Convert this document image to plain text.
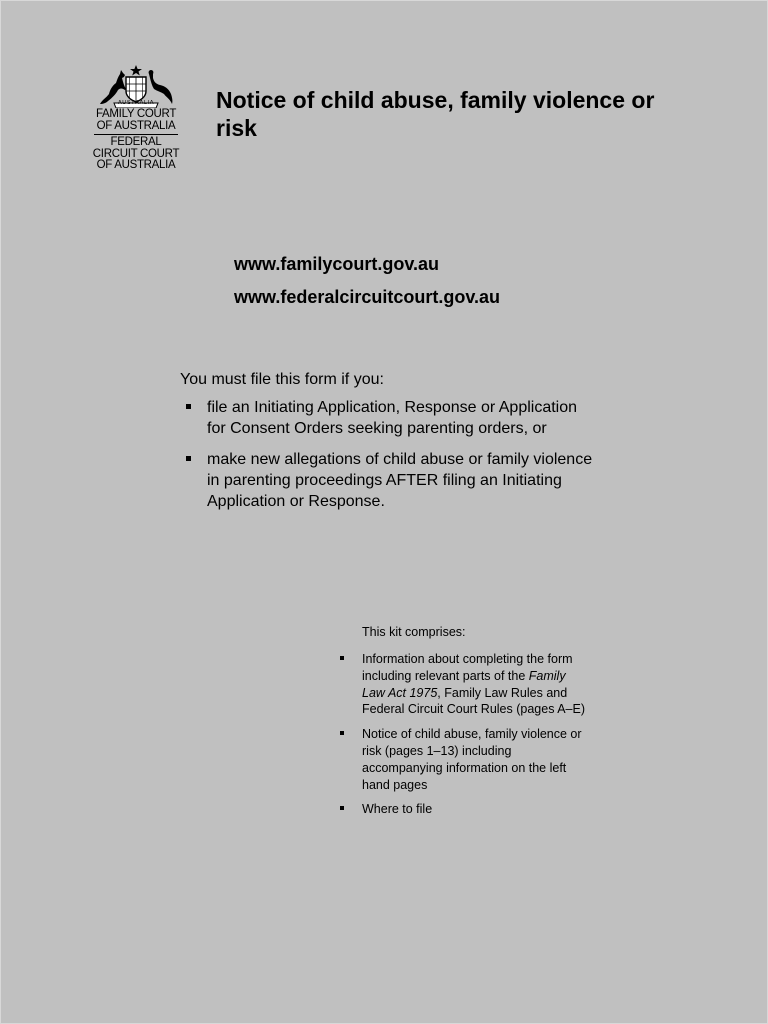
AUSTRALIA
FAMILY COURT
OF AUSTRALIA
FEDERAL
CIRCUIT COURT
OF AUSTRALIA
Notice of child abuse, family violence or risk
www.familycourt.gov.au
www.federalcircuitcourt.gov.au

You must file this form if you:

file an Initiating Application, Response or Application for Consent Orders seeking parenting orders, or
make new allegations of child abuse or family violence in parenting proceedings AFTER filing an Initiating Application or Response.

This kit comprises:

Information about completing the form including relevant parts of the Family Law Act 1975, Family Law Rules and Federal Circuit Court Rules (pages A–E)
Notice of child abuse, family violence or risk (pages 1–13) including accompanying information on the left hand pages
Where to file
